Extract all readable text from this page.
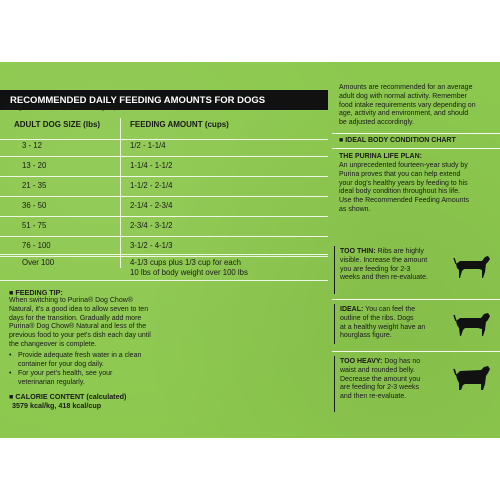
RECOMMENDED DAILY FEEDING AMOUNTS FOR DOGS
using a standard 8-oz measuring cup
ADULT DOG SIZE (lbs)	FEEDING AMOUNT (cups)
3 - 12	1/2 - 1-1/4
13 - 20	1-1/4 - 1-1/2
21 - 35	1-1/2 - 2-1/4
36 - 50	2-1/4 - 2-3/4
51 - 75	2-3/4 - 3-1/2
76 - 100	3-1/2 - 4-1/3
Over 100	4-1/3 cups plus 1/3 cup for each
10 lbs of body weight over 100 lbs
■ FEEDING TIP:
When switching to Purina® Dog Chow®
Natural, it's a good idea to allow seven to ten
days for the transition. Gradually add more
Purina® Dog Chow® Natural and less of the
previous food to your pet's dish each day until
the changeover is complete.
• Provide adequate fresh water in a clean
container for your dog daily.
• For your pet's health, see your
veterinarian regularly.
■ CALORIE CONTENT (calculated)
3579 kcal/kg, 418 kcal/cup
Amounts are recommended for an average
adult dog with normal activity. Remember
food intake requirements vary depending on
age, activity and environment, and should
be adjusted accordingly.
■ IDEAL BODY CONDITION CHART
THE PURINA LIFE PLAN:
An unprecedented fourteen-year study by
Purina proves that you can help extend
your dog's healthy years by feeding to his
ideal body condition throughout his life.
Use the Recommended Feeding Amounts
as shown.
TOO THIN: Ribs are highly
visible. Increase the amount
you are feeding for 2-3
weeks and then re-evaluate.
IDEAL: You can feel the
outline of the ribs. Dogs
at a healthy weight have an
hourglass figure.
TOO HEAVY: Dog has no
waist and rounded belly.
Decrease the amount you
are feeding for 2-3 weeks
and then re-evaluate.
